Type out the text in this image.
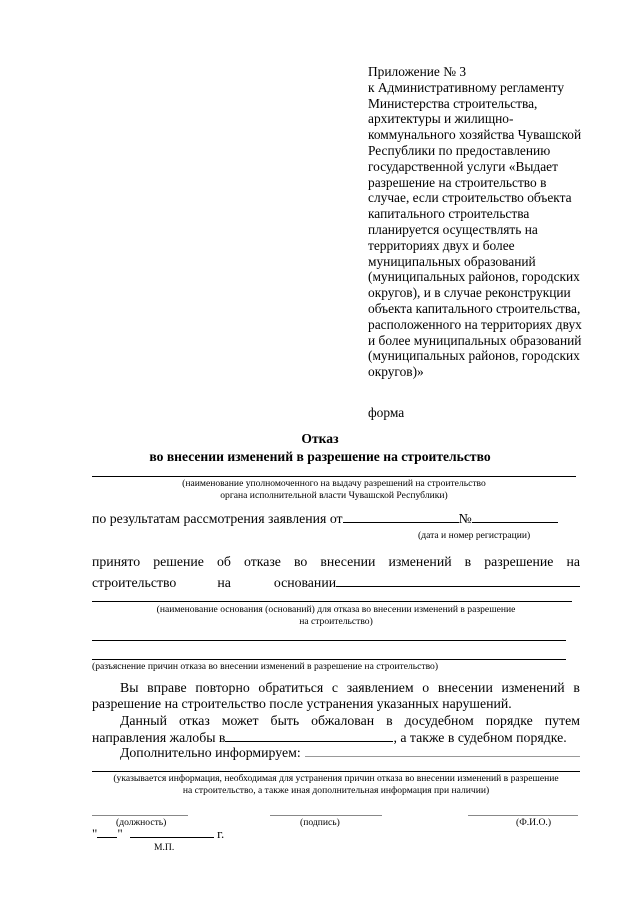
Приложение № 3
к Административному регламенту
Министерства строительства,
архитектуры и жилищно-
коммунального хозяйства Чувашской
Республики по предоставлению
государственной услуги «Выдает
разрешение на строительство в
случае, если строительство объекта
капитального строительства
планируется осуществлять на
территориях двух и более
муниципальных образований
(муниципальных районов, городских
округов), и в случае реконструкции
объекта капитального строительства,
расположенного на территориях двух
и более муниципальных образований
(муниципальных районов, городских
округов)»
форма
Отказ
во внесении изменений в разрешение на строительство
(наименование уполномоченного на выдачу разрешений на строительство
органа исполнительной власти Чувашской Республики)
по результатам рассмотрения заявления от	№
(дата и номер регистрации)
принято решение об отказе во внесении изменений в разрешение на
строительство	на	основании
(наименование основания (оснований) для отказа во внесении изменений в разрешение
на строительство)
(разъяснение причин отказа во внесении изменений в разрешение на строительство)
Вы вправе повторно обратиться с заявлением о внесении изменений в
разрешение на строительство после устранения указанных нарушений.
Данный отказ может быть обжалован в досудебном порядке путем
направления жалобы в	, а также в судебном порядке.
Дополнительно информируем:
(указывается информация, необходимая для устранения причин отказа во внесении изменений в разрешение
на строительство, а также иная дополнительная информация при наличии)
(должность)	(подпись)	(Ф.И.О.)
" "	г.
М.П.
